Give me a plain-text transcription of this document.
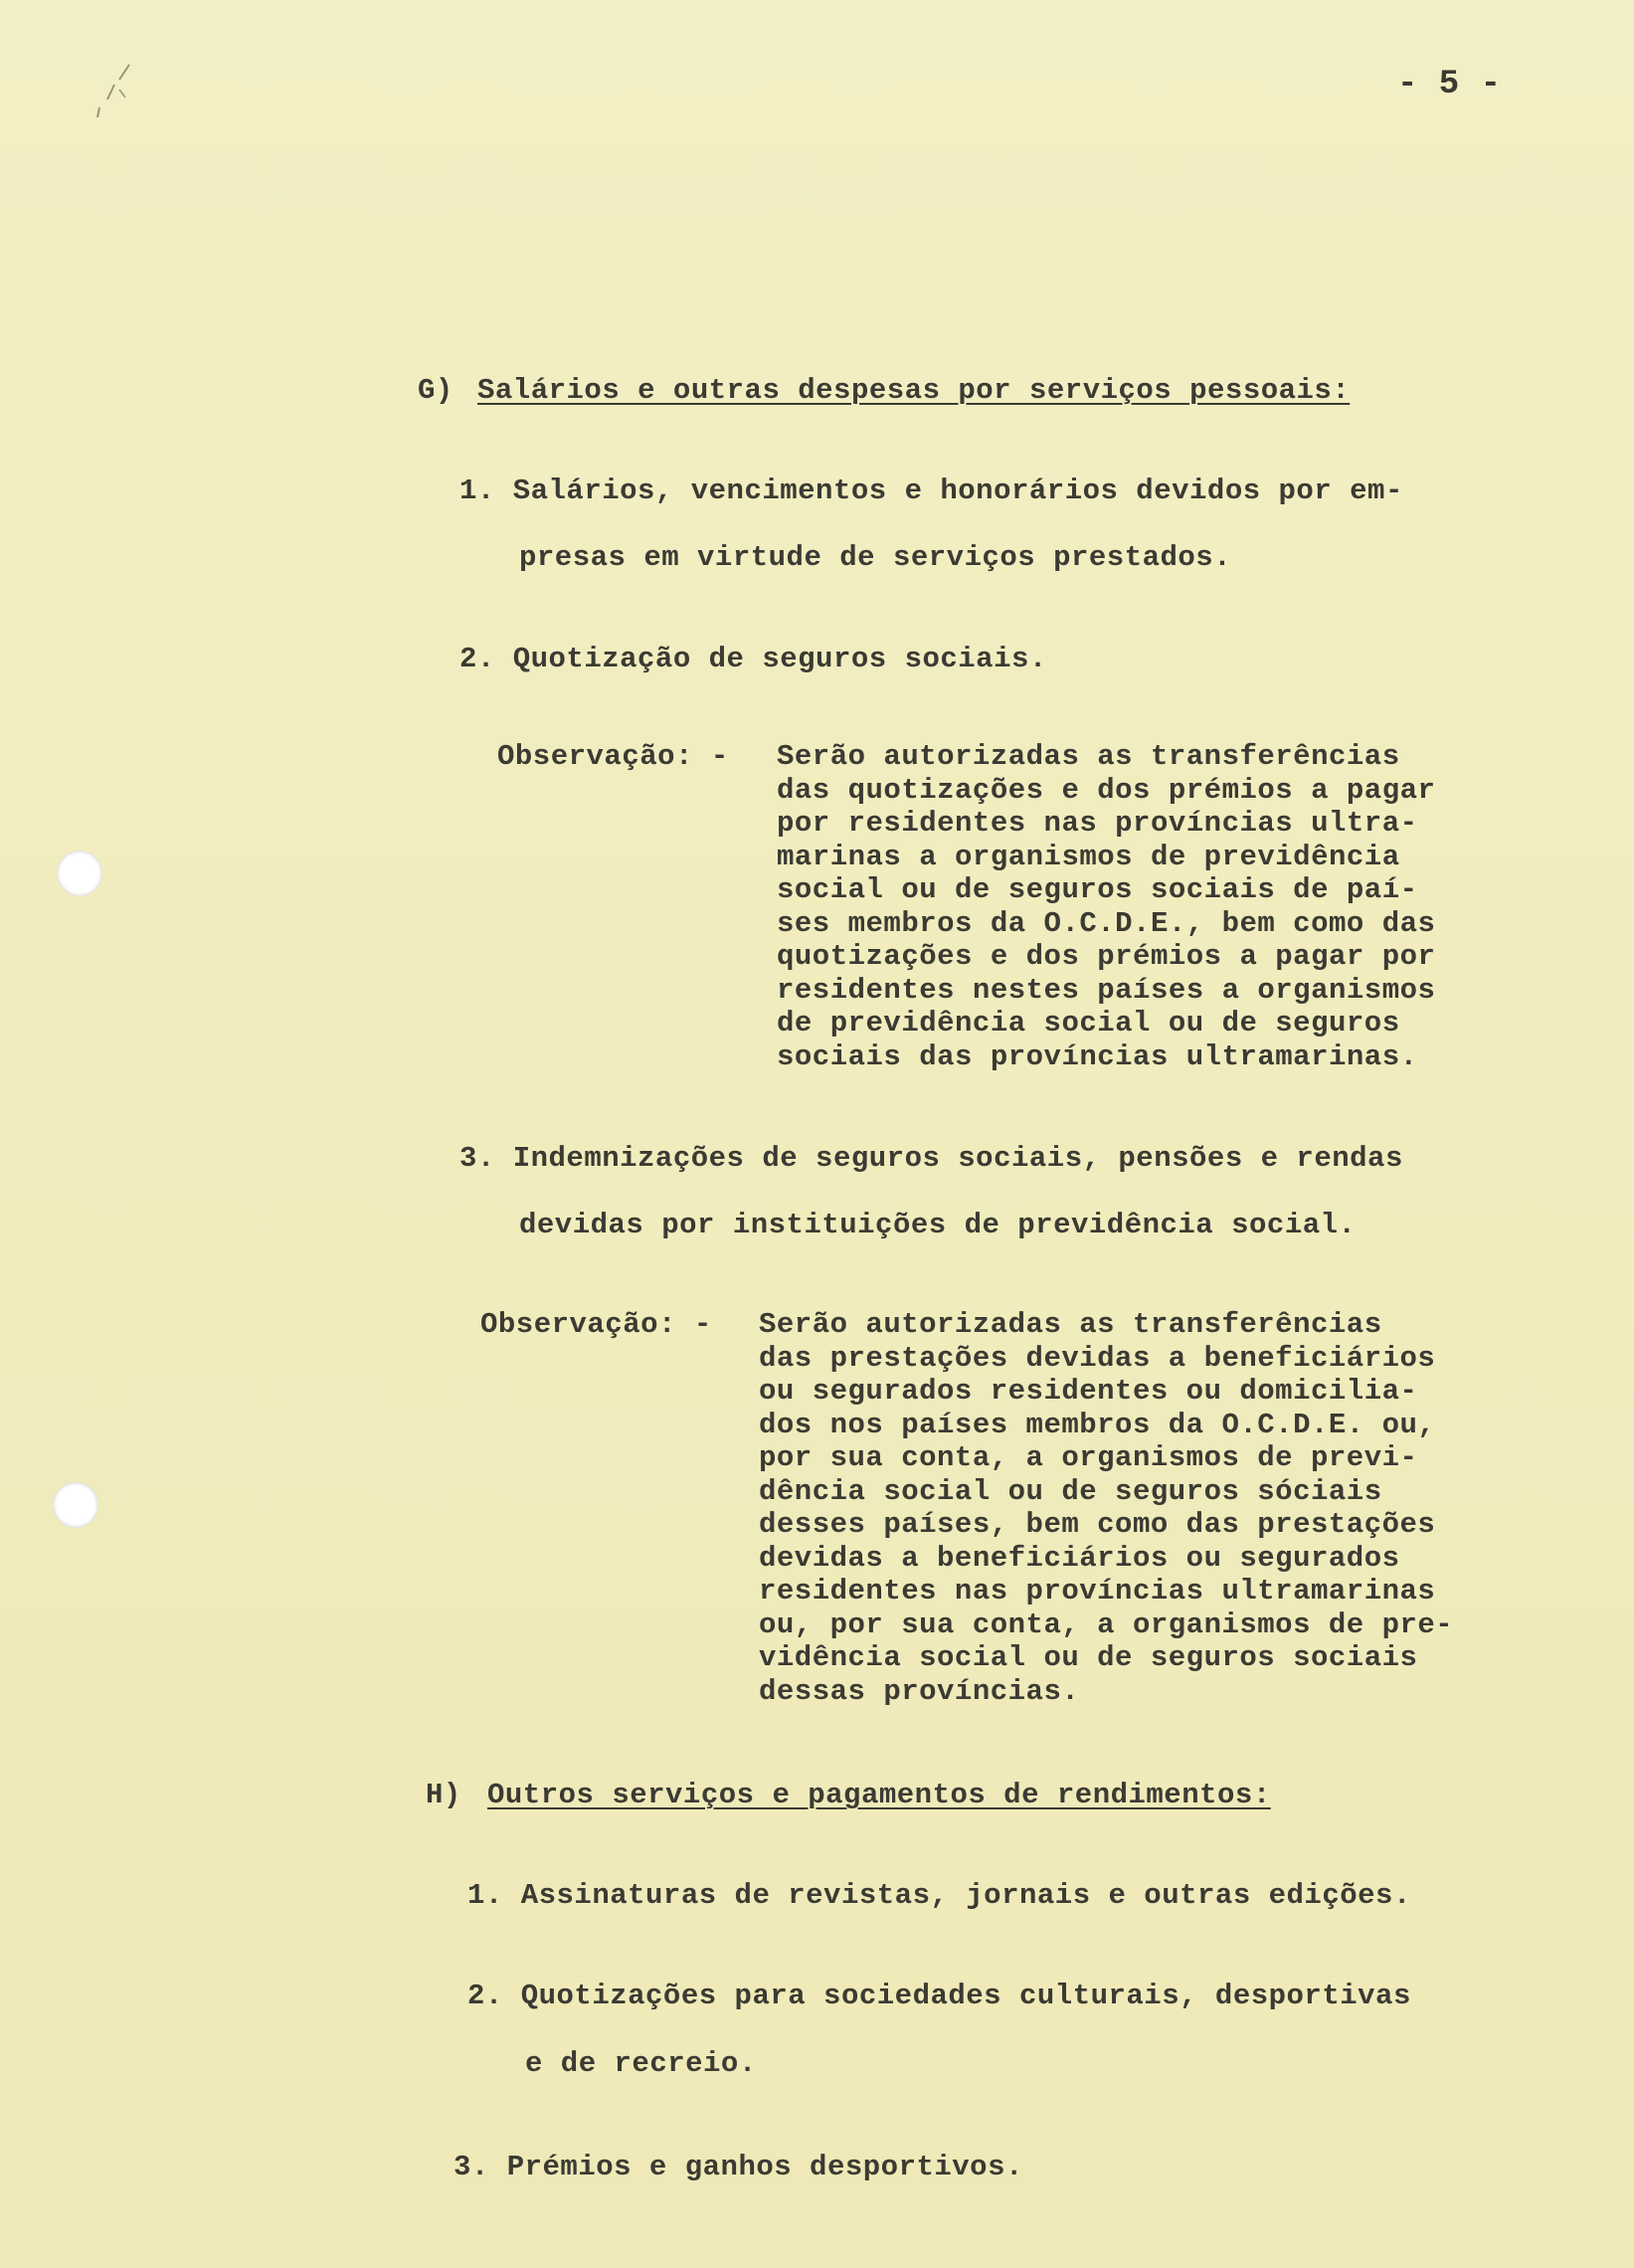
- 5 -
G) Salários e outras despesas por serviços pessoais:
1. Salários, vencimentos e honorários devidos por em-
presas em virtude de serviços prestados.
2. Quotização de seguros sociais.
Observação: - Serão autorizadas as transferências
das quotizações e dos prémios a pagar
por residentes nas províncias ultra-
marinas a organismos de previdência
social ou de seguros sociais de paí-
ses membros da O.C.D.E., bem como das
quotizações e dos prémios a pagar por
residentes nestes países a organismos
de previdência social ou de seguros
sociais das províncias ultramarinas.
3. Indemnizações de seguros sociais, pensões e rendas
devidas por instituições de previdência social.
Observação: - Serão autorizadas as transferências
das prestações devidas a beneficiários
ou segurados residentes ou domicilia-
dos nos países membros da O.C.D.E. ou,
por sua conta, a organismos de previ-
dência social ou de seguros sóciais
desses países, bem como das prestações
devidas a beneficiários ou segurados
residentes nas províncias ultramarinas
ou, por sua conta, a organismos de pre-
vidência social ou de seguros sociais
dessas províncias.
H) Outros serviços e pagamentos de rendimentos:
1. Assinaturas de revistas, jornais e outras edições.
2. Quotizações para sociedades culturais, desportivas
e de recreio.
3. Prémios e ganhos desportivos.
